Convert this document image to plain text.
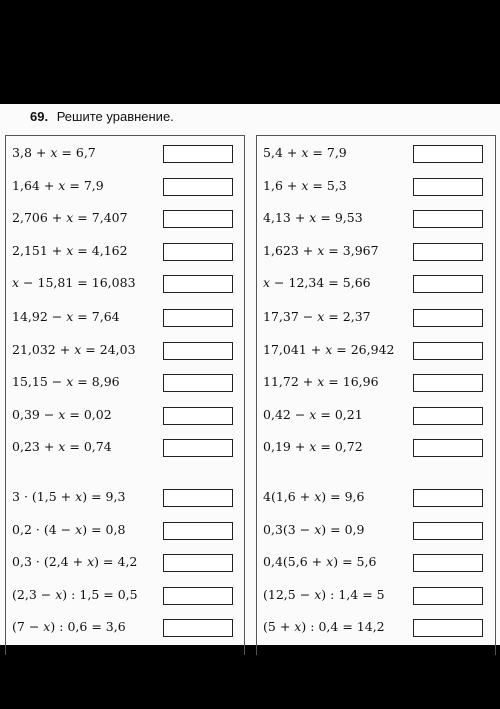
69. Решите уравнение.
3,8 + x = 6,7
1,64 + x = 7,9
2,706 + x = 7,407
2,151 + x = 4,162
x − 15,81 = 16,083
14,92 − x = 7,64
21,032 + x = 24,03
15,15 − x = 8,96
0,39 − x = 0,02
0,23 + x = 0,74
3 · (1,5 + x) = 9,3
0,2 · (4 − x) = 0,8
0,3 · (2,4 + x) = 4,2
(2,3 − x) : 1,5 = 0,5
(7 − x) : 0,6 = 3,6
5,4 + x = 7,9
1,6 + x = 5,3
4,13 + x = 9,53
1,623 + x = 3,967
x − 12,34 = 5,66
17,37 − x = 2,37
17,041 + x = 26,942
11,72 + x = 16,96
0,42 − x = 0,21
0,19 + x = 0,72
4(1,6 + x) = 9,6
0,3(3 − x) = 0,9
0,4(5,6 + x) = 5,6
(12,5 − x) : 1,4 = 5
(5 + x) : 0,4 = 14,2
